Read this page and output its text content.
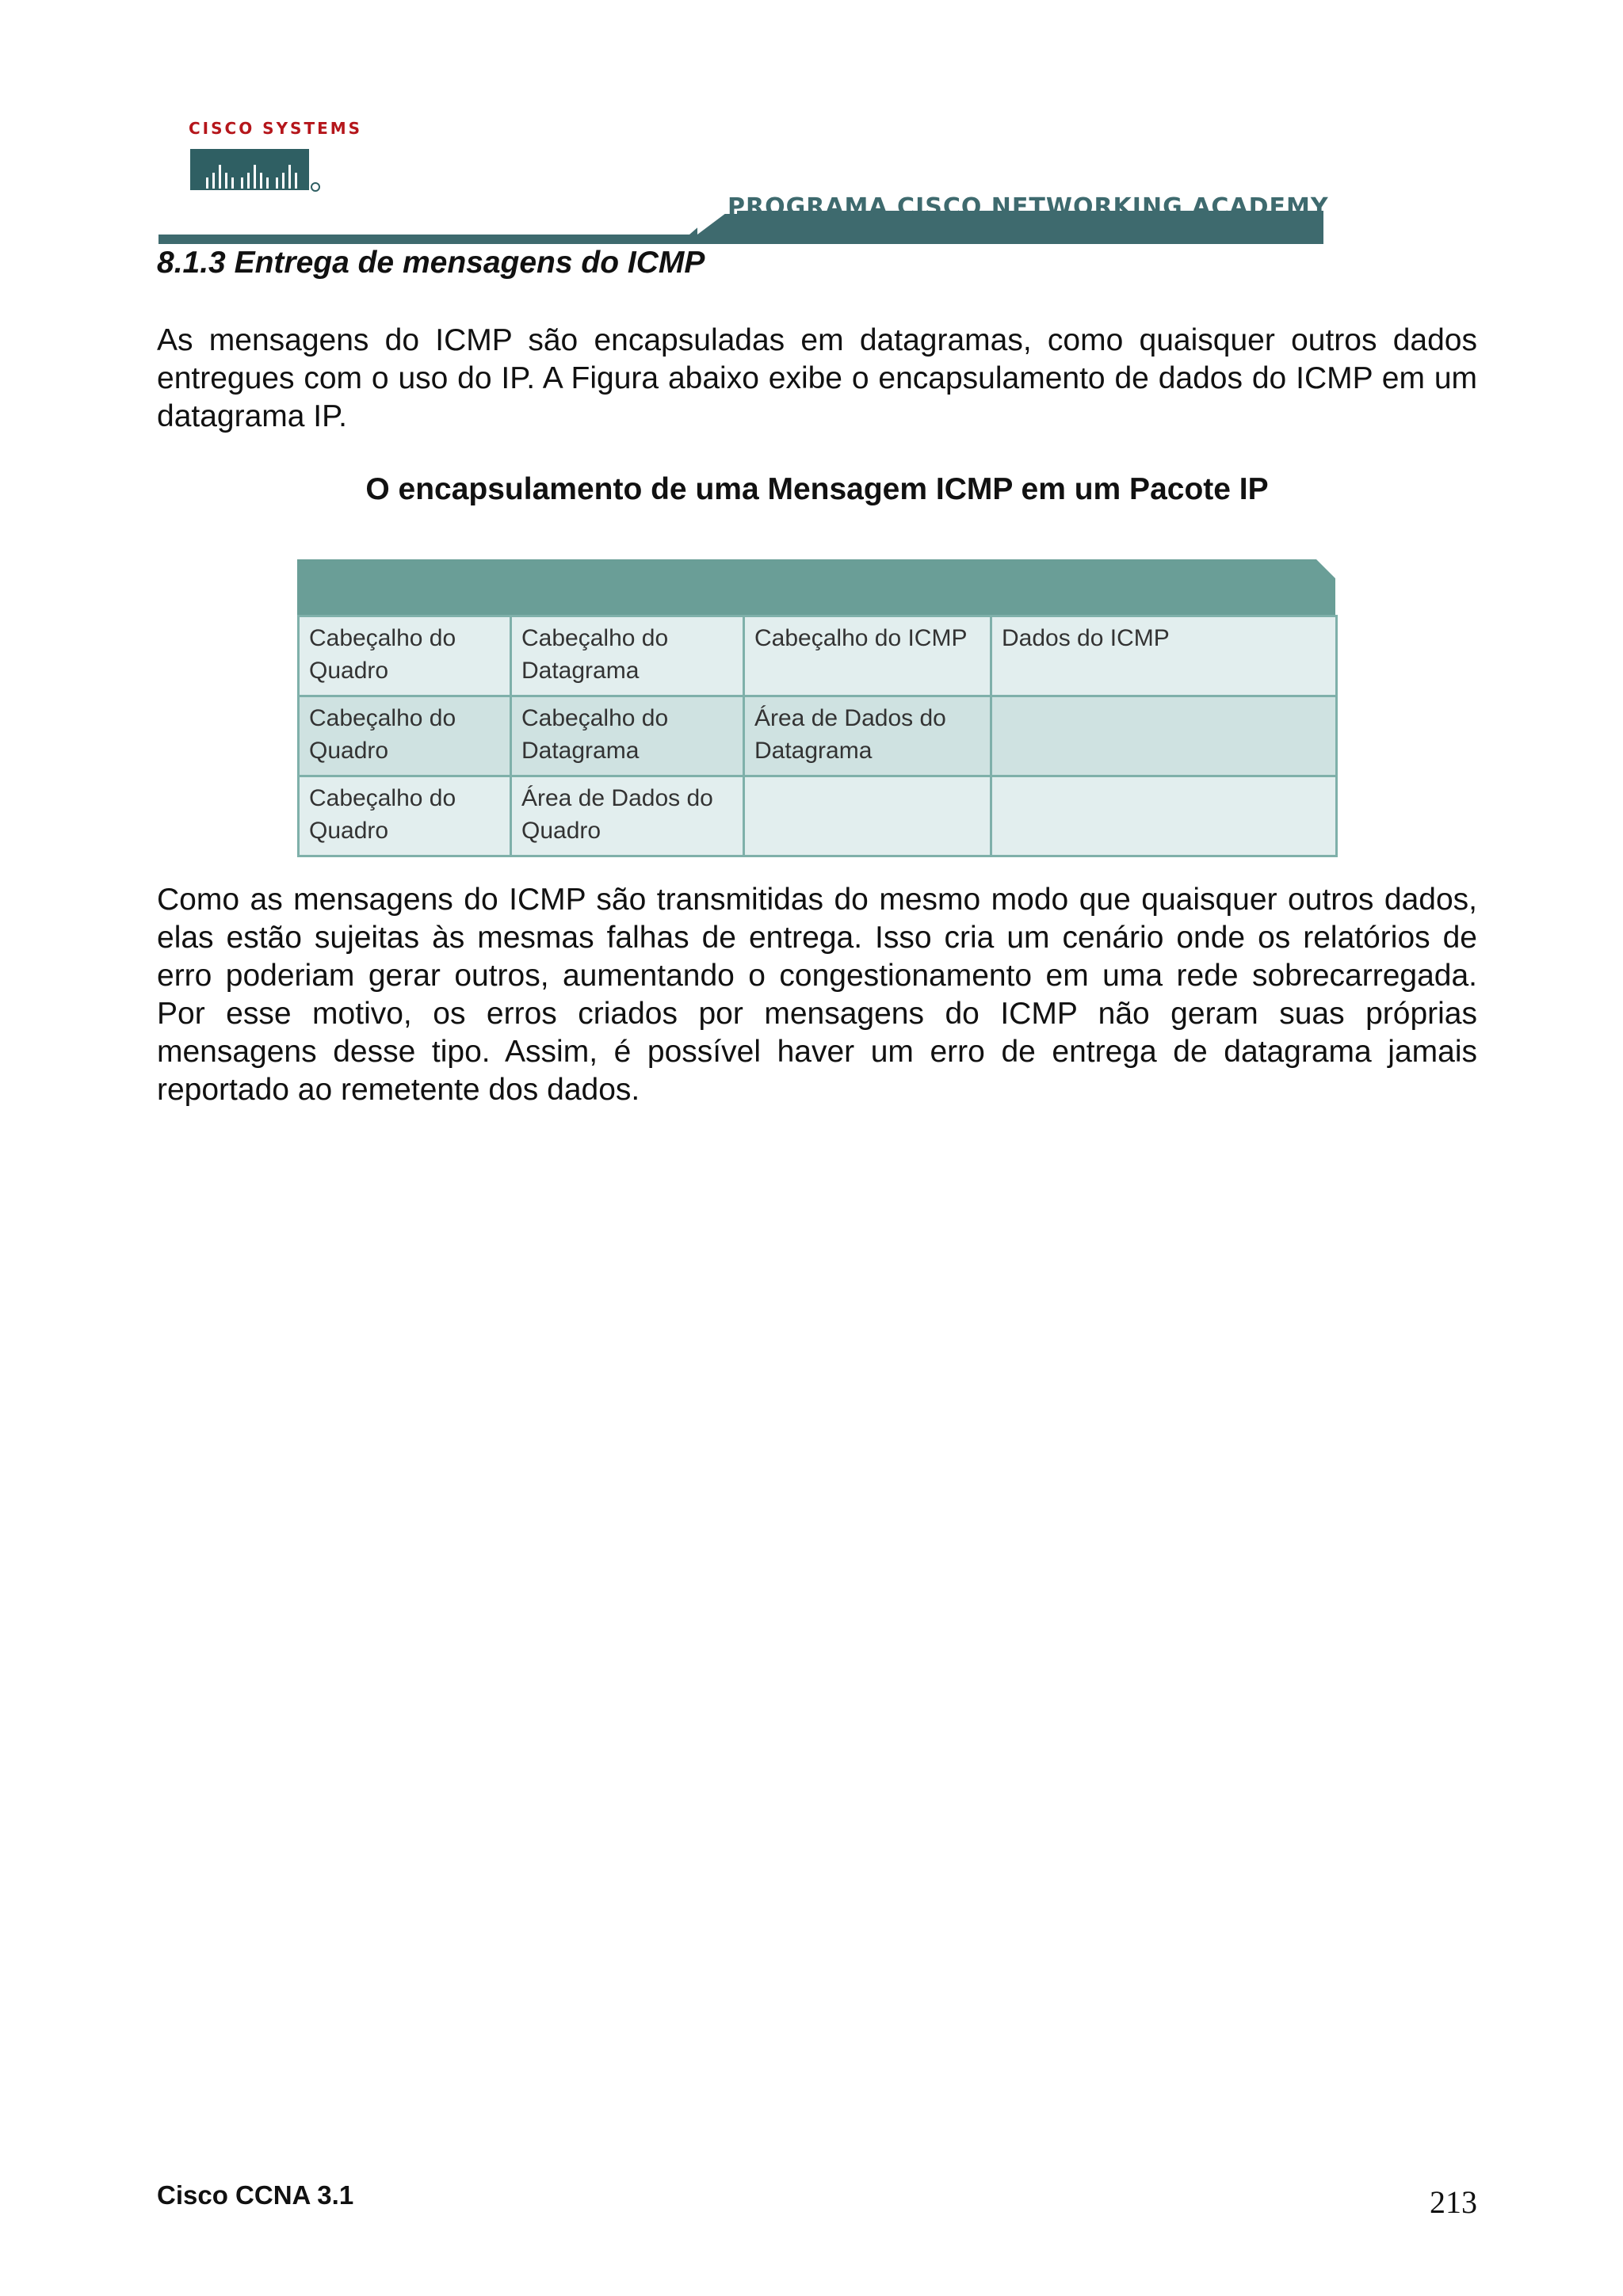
CISCO SYSTEMS
PROGRAMA CISCO NETWORKING ACADEMY
8.1.3 Entrega de mensagens do ICMP

As mensagens do ICMP são encapsuladas em datagramas, como quaisquer outros dados entregues com o uso do IP. A Figura abaixo exibe o encapsulamento de dados do ICMP em um datagrama IP.

O encapsulamento de uma Mensagem ICMP em um Pacote IP

Cabeçalho do Quadro	Cabeçalho do Datagrama	Cabeçalho do ICMP	Dados do ICMP
Cabeçalho do Quadro	Cabeçalho do Datagrama	Área de Dados do Datagrama	
Cabeçalho do Quadro	Área de Dados do Quadro		

Como as mensagens do ICMP são transmitidas do mesmo modo que quaisquer outros dados, elas estão sujeitas às mesmas falhas de entrega. Isso cria um cenário onde os relatórios de erro poderiam gerar outros, aumentando o congestionamento em uma rede sobrecarregada. Por esse motivo, os erros criados por mensagens do ICMP não geram suas próprias mensagens desse tipo. Assim, é possível haver um erro de entrega de datagrama jamais reportado ao remetente dos dados.

Cisco CCNA 3.1	213
